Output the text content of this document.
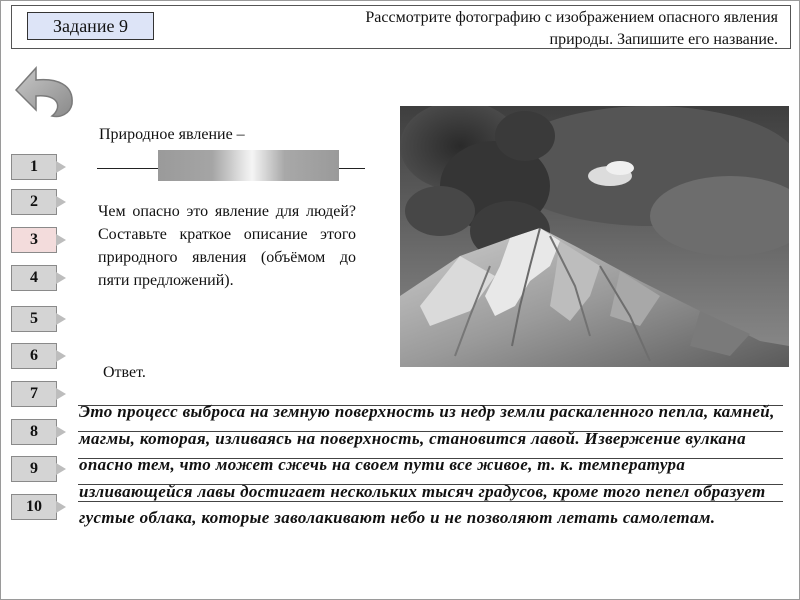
Задание 9	Рассмотрите фотографию с изображением опасного явления природы. Запишите его название.
1
2
3
4
5
6
7
8
9
10
Природное явление –
Чем опасно это явление для людей? Составьте краткое описание этого природного явления (объёмом до пяти предложений).
Ответ.
Это процесс выброса на земную поверхность из недр земли раскаленного пепла, камней, магмы, которая, изливаясь на поверхность, становится лавой. Извержение вулкана опасно тем, что может сжечь на своем пути все живое, т. к. температура изливающейся лавы достигает нескольких тысяч градусов, кроме того пепел образует густые облака, которые заволакивают небо и не позволяют летать самолетам.
